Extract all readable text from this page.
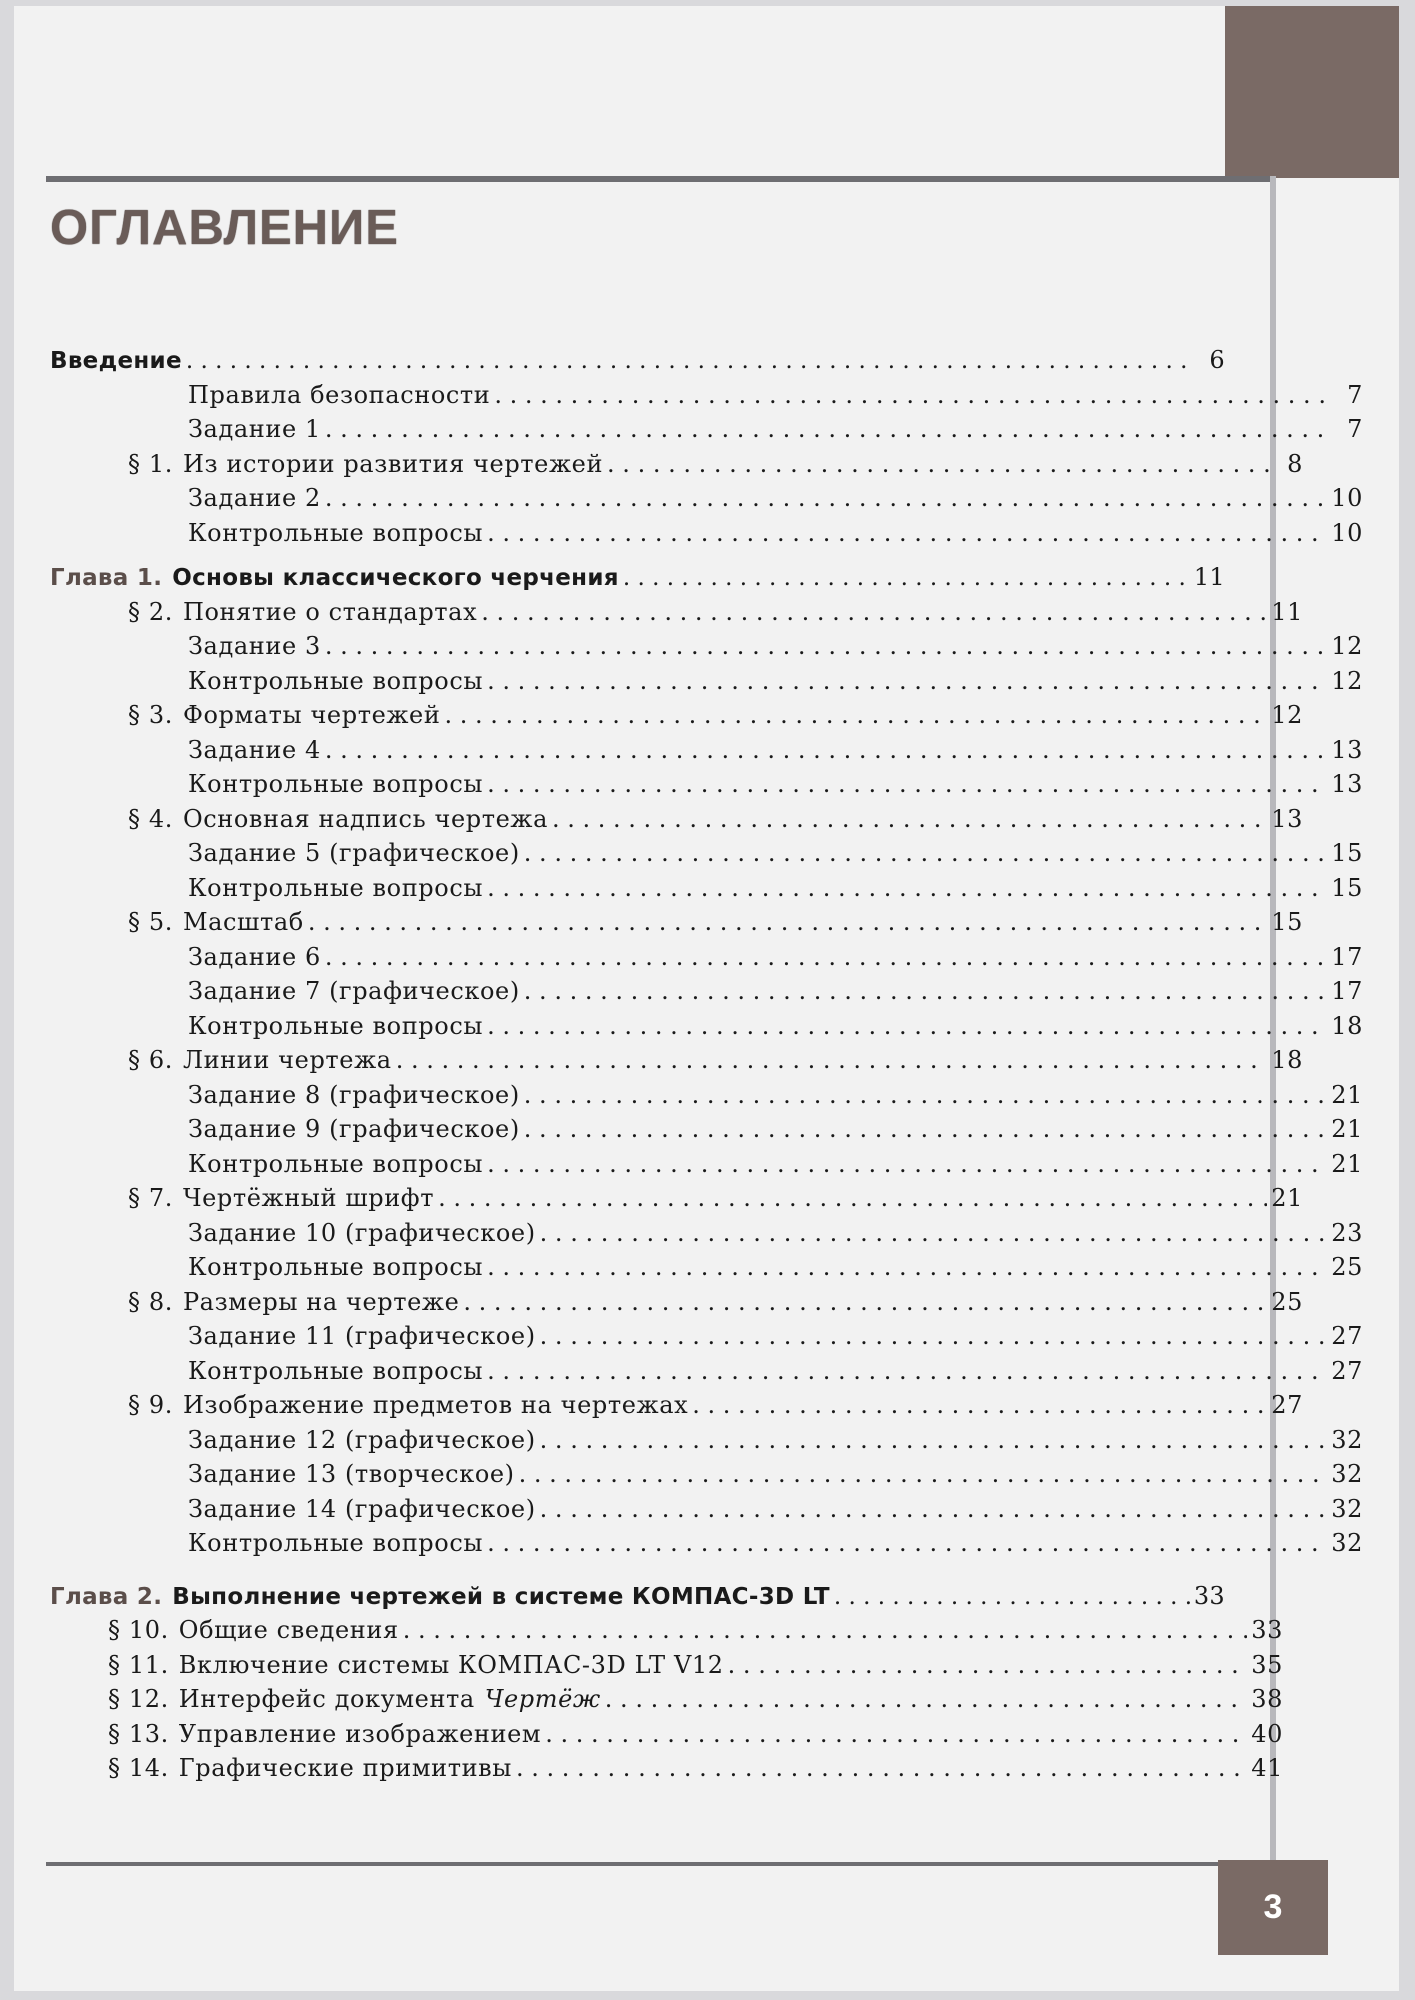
3
ОГЛАВЛЕНИЕ
Введение . . .	6
Правила безопасности . . .	7
Задание 1 . . .	7
§ 1. Из истории развития чертежей . . .	8
Задание 2 . . .	10
Контрольные вопросы . . .	10
Глава 1. Основы классического черчения . . .	11
§ 2. Понятие о стандартах . . .	11
Задание 3 . . .	12
Контрольные вопросы . . .	12
§ 3. Форматы чертежей . . .	12
Задание 4 . . .	13
Контрольные вопросы . . .	13
§ 4. Основная надпись чертежа . . .	13
Задание 5 (графическое) . . .	15
Контрольные вопросы . . .	15
§ 5. Масштаб . . .	15
Задание 6 . . .	17
Задание 7 (графическое) . . .	17
Контрольные вопросы . . .	18
§ 6. Линии чертежа . . .	18
Задание 8 (графическое) . . .	21
Задание 9 (графическое) . . .	21
Контрольные вопросы . . .	21
§ 7. Чертёжный шрифт . . .	21
Задание 10 (графическое) . . .	23
Контрольные вопросы . . .	25
§ 8. Размеры на чертеже . . .	25
Задание 11 (графическое) . . .	27
Контрольные вопросы . . .	27
§ 9. Изображение предметов на чертежах . . .	27
Задание 12 (графическое) . . .	32
Задание 13 (творческое) . . .	32
Задание 14 (графическое) . . .	32
Контрольные вопросы . . .	32
Глава 2. Выполнение чертежей в системе КОМПАС-3D LT . . .	33
§ 10. Общие сведения . . .	33
§ 11. Включение системы КОМПАС-3D LT V12 . . .	35
§ 12. Интерфейс документа Чертёж . . .	38
§ 13. Управление изображением . . .	40
§ 14. Графические примитивы . . .	41
